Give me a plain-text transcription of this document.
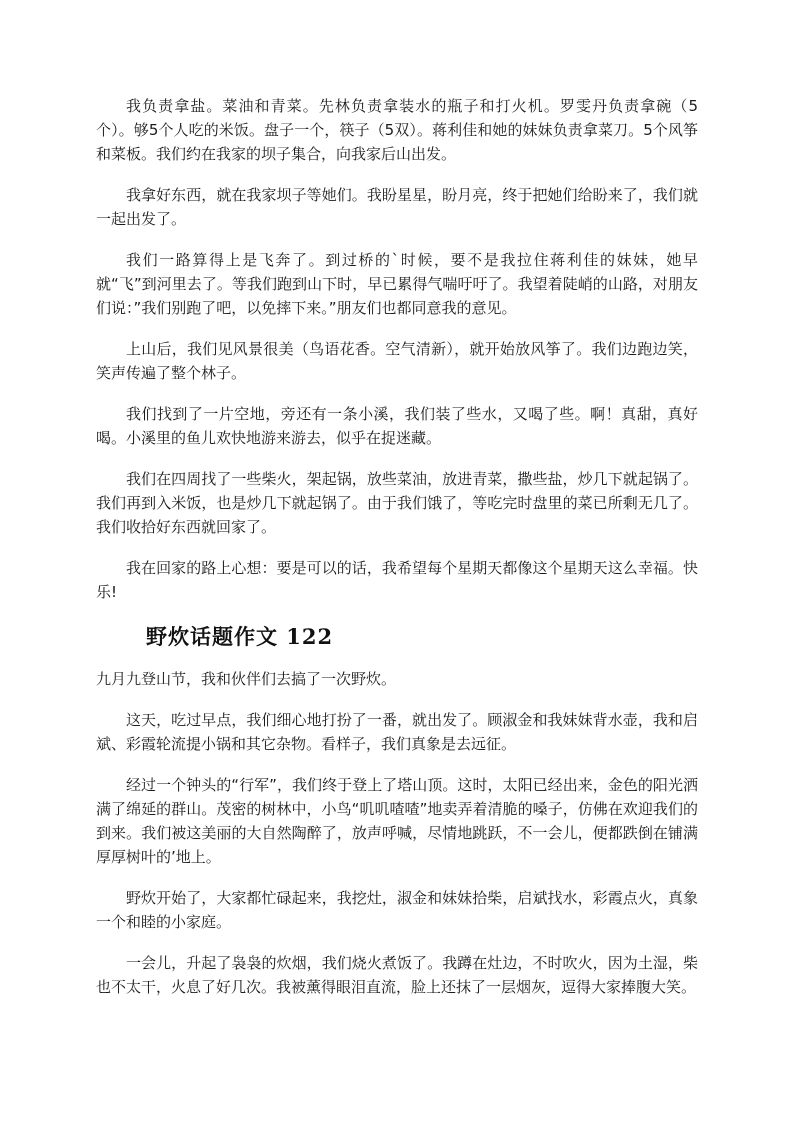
我负责拿盐。菜油和青菜。先林负责拿装水的瓶子和打火机。罗雯丹负责拿碗（5个）。够5个人吃的米饭。盘子一个，筷子（5双）。蒋利佳和她的妹妹负责拿菜刀。5个风筝和菜板。我们约在我家的坝子集合，向我家后山出发。

我拿好东西，就在我家坝子等她们。我盼星星，盼月亮，终于把她们给盼来了，我们就一起出发了。

我们一路算得上是飞奔了。到过桥的`时候，要不是我拉住蒋利佳的妹妹，她早就“飞”到河里去了。等我们跑到山下时，早已累得气喘吁吁了。我望着陡峭的山路，对朋友们说：”我们别跑了吧，以免摔下来。”朋友们也都同意我的意见。

上山后，我们见风景很美（鸟语花香。空气清新），就开始放风筝了。我们边跑边笑，笑声传遍了整个林子。

我们找到了一片空地，旁还有一条小溪，我们装了些水，又喝了些。啊！真甜，真好喝。小溪里的鱼儿欢快地游来游去，似乎在捉迷藏。

我们在四周找了一些柴火，架起锅，放些菜油，放进青菜，撒些盐，炒几下就起锅了。我们再到入米饭，也是炒几下就起锅了。由于我们饿了，等吃完时盘里的菜已所剩无几了。我们收拾好东西就回家了。

我在回家的路上心想：要是可以的话，我希望每个星期天都像这个星期天这么幸福。快乐!

野炊话题作文 122

九月九登山节，我和伙伴们去搞了一次野炊。

这天，吃过早点，我们细心地打扮了一番，就出发了。顾淑金和我妹妹背水壶，我和启斌、彩霞轮流提小锅和其它杂物。看样子，我们真象是去远征。

经过一个钟头的“行军”，我们终于登上了塔山顶。这时，太阳已经出来，金色的阳光洒满了绵延的群山。茂密的树林中，小鸟“叽叽喳喳”地卖弄着清脆的嗓子，仿佛在欢迎我们的到来。我们被这美丽的大自然陶醉了，放声呼喊，尽情地跳跃，不一会儿，便都跌倒在铺满厚厚树叶的’地上。

野炊开始了，大家都忙碌起来，我挖灶，淑金和妹妹拾柴，启斌找水，彩霞点火，真象一个和睦的小家庭。

一会儿，升起了袅袅的炊烟，我们烧火煮饭了。我蹲在灶边，不时吹火，因为土湿，柴也不太干，火息了好几次。我被薰得眼泪直流，脸上还抹了一层烟灰，逗得大家捧腹大笑。
